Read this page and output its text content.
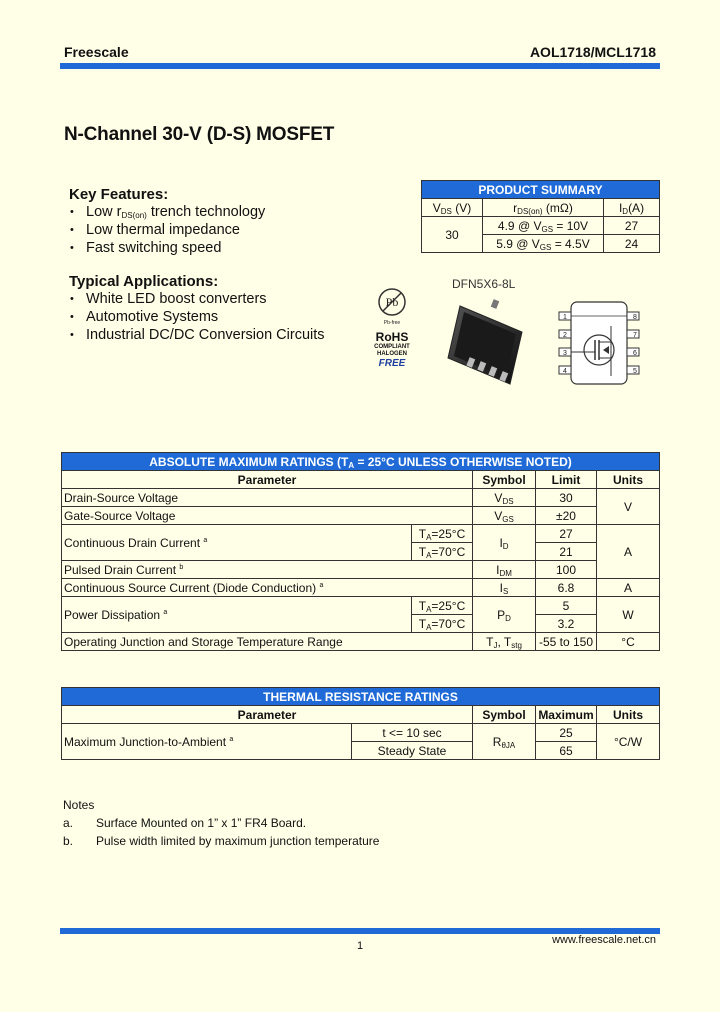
Freescale	AOL1718/MCL1718
N-Channel 30-V (D-S) MOSFET
Key Features:
• Low $r_{DS(on)}$ trench technology
• Low thermal impedance
• Fast switching speed
Typical Applications:
• White LED boost converters
• Automotive Systems
• Industrial DC/DC Conversion Circuits
PRODUCT SUMMARY		
$V_{DS}$ (V)	$r_{DS(on)}$ (mΩ)	$I_D(A)$
30	4.9 @ $V_{GS} = 10V$	27
	5.9 @ $V_{GS} = 4.5V$	24
DFN5X6-8L
Pb
Pb-free
RoHS
COMPLIANT
HALOGEN
FREE
1
2
3
4
8
7
6
5
ABSOLUTE MAXIMUM RATINGS ($T_A = 25^\circ C$ UNLESS OTHERWISE NOTED)				
Parameter		Symbol	Limit	Units
Drain-Source Voltage		$V_{DS}$	30	V
Gate-Source Voltage		$V_{GS}$	±20	
Continuous Drain Current $^a$	$T_A=25^\circ C$	$I_D$	27	A
	$T_A=70^\circ C$		21	
Pulsed Drain Current $^b$		$I_{DM}$	100	
Continuous Source Current (Diode Conduction) $^a$		$I_S$	6.8	A
Power Dissipation $^a$	$T_A=25^\circ C$	$P_D$	5	W
	$T_A=70^\circ C$		3.2	
Operating Junction and Storage Temperature Range		$T_J$, $T_{stg}$	-55 to 150	°C
THERMAL RESISTANCE RATINGS				
Parameter		Symbol	Maximum	Units
Maximum Junction-to-Ambient $^a$	t <= 10 sec	$R_{\theta JA}$	25	°C/W
	Steady State		65	
Notes
a. Surface Mounted on 1” x 1” FR4 Board.
b. Pulse width limited by maximum junction temperature
1	www.freescale.net.cn
